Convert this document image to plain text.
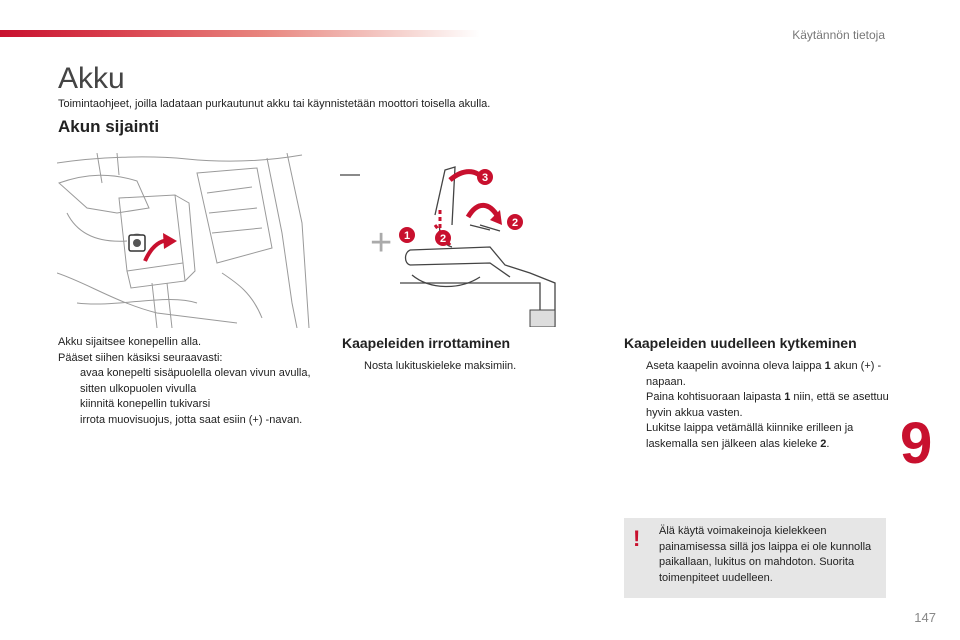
Käytännön tietoja
Akku
Toimintaohjeet, joilla ladataan purkautunut akku tai käynnistetään moottori toisella akulla.
Akun sijainti
+ 1	2
2
3

Akku sijaitsee konepellin alla.

Pääset siihen käsiksi seuraavasti:

avaa konepelti sisäpuolella olevan vivun avulla, sitten ulkopuolen vivulla
kiinnitä konepellin tukivarsi
irrota muovisuojus, jotta saat esiin (+) -navan.
Kaapeleiden irrottaminen
Nosta lukituskieleke maksimiin.
Kaapeleiden uudelleen kytkeminen
Aseta kaapelin avoinna oleva laippa 1 akun (+) -napaan.
Paina kohtisuoraan laipasta 1 niin, että se asettuu hyvin akkua vasten.
Lukitse laippa vetämällä kiinnike erilleen ja laskemalla sen jälkeen alas kieleke 2.
! Älä käytä voimakeinoja kielekkeen painamisessa sillä jos laippa ei ole kunnolla paikallaan, lukitus on mahdoton. Suorita toimenpiteet uudelleen.
9
147
